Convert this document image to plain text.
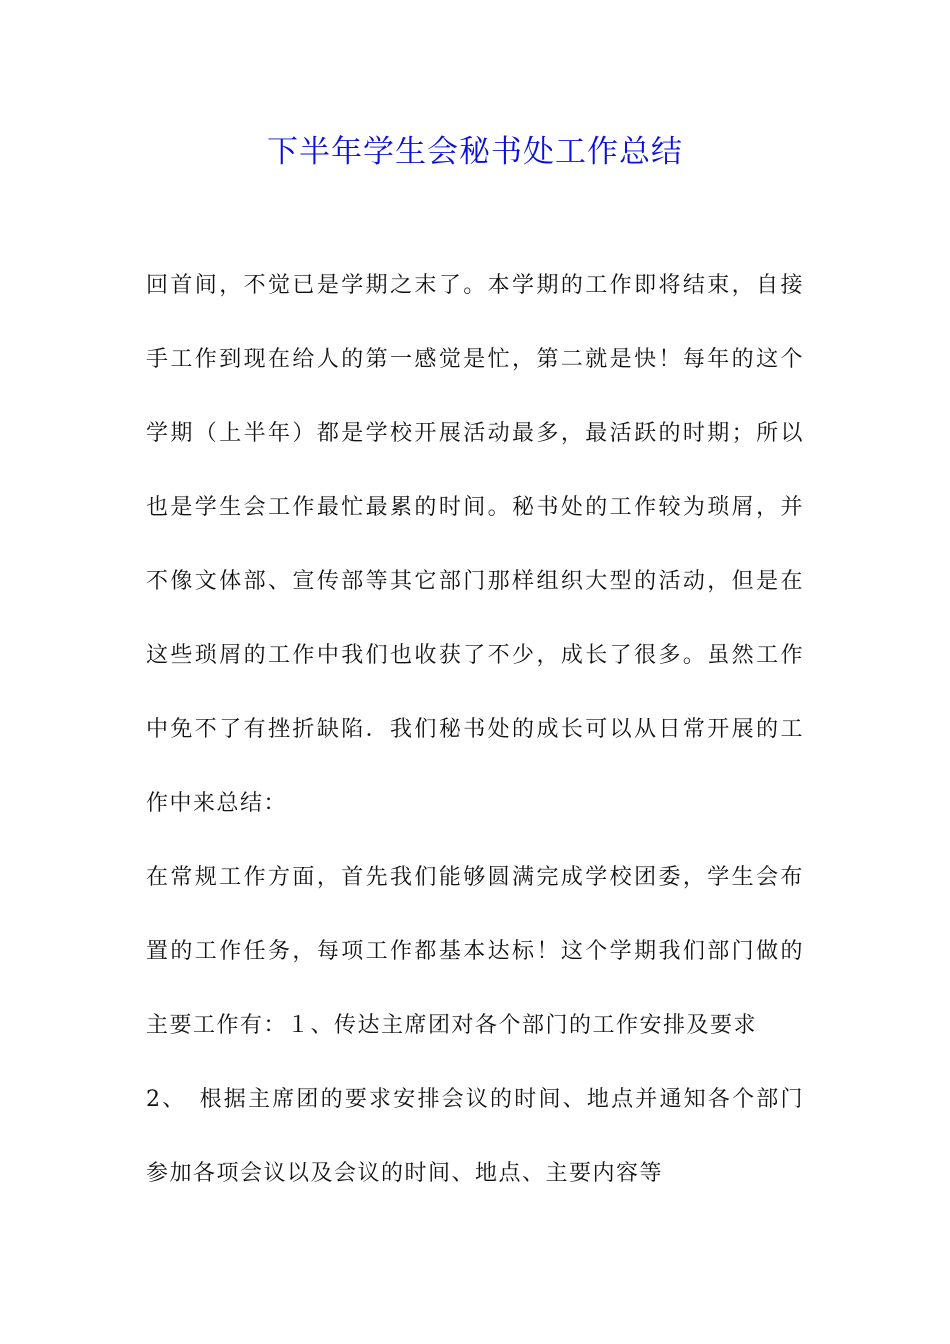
下半年学生会秘书处工作总结
回首间，不觉已是学期之末了。本学期的工作即将结束，自接
手工作到现在给人的第一感觉是忙，第二就是快！每年的这个
学期（上半年）都是学校开展活动最多，最活跃的时期；所以
也是学生会工作最忙最累的时间。秘书处的工作较为琐屑，并
不像文体部、宣传部等其它部门那样组织大型的活动，但是在
这些琐屑的工作中我们也收获了不少，成长了很多。虽然工作
中免不了有挫折缺陷．我们秘书处的成长可以从日常开展的工
作中来总结：
在常规工作方面，首先我们能够圆满完成学校团委，学生会布
置的工作任务，每项工作都基本达标！这个学期我们部门做的
主要工作有：１、传达主席团对各个部门的工作安排及要求
2、　根据主席团的要求安排会议的时间、地点并通知各个部门
参加各项会议以及会议的时间、地点、主要内容等
